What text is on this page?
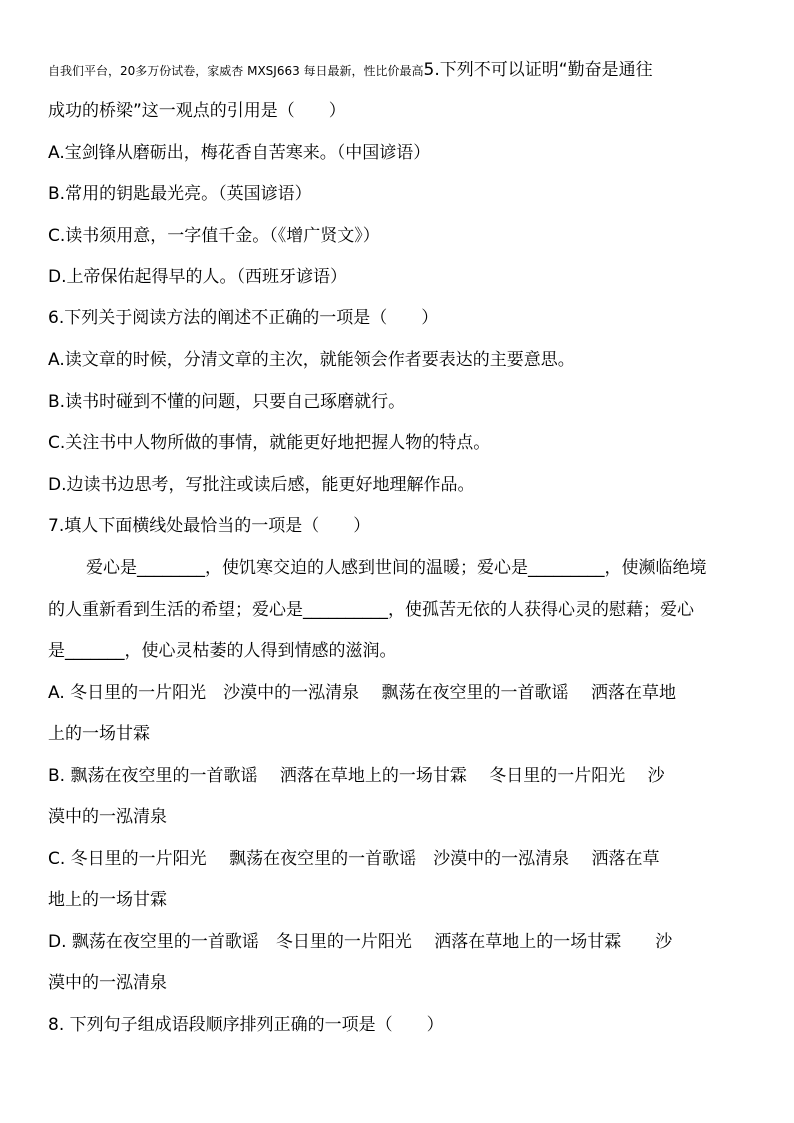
自我们平台，20多万份试卷，家威杏 MXSJ663 每日最新，性比价最高5.下列不可以证明“勤奋是通往
成功的桥梁”这一观点的引用是（　　）
A.宝剑锋从磨砺出，梅花香自苦寒来。（中国谚语）
B.常用的钥匙最光亮。（英国谚语）
C.读书须用意，一字值千金。（《增广贤文》）
D.上帝保佑起得早的人。（西班牙谚语）
6.下列关于阅读方法的阐述不正确的一项是（　　）
A.读文章的时候，分清文章的主次，就能领会作者要表达的主要意思。
B.读书时碰到不懂的问题，只要自己琢磨就行。
C.关注书中人物所做的事情，就能更好地把握人物的特点。
D.边读书边思考，写批注或读后感，能更好地理解作品。
7.填人下面横线处最恰当的一项是（　　）
爱心是________，使饥寒交迫的人感到世间的温暖；爱心是_________，使濒临绝境
的人重新看到生活的希望；爱心是__________，使孤苦无依的人获得心灵的慰藉；爱心
是_______，使心灵枯萎的人得到情感的滋润。
A. 冬日里的一片阳光　沙漠中的一泓清泉　 飘荡在夜空里的一首歌谣　 洒落在草地
上的一场甘霖
B. 飘荡在夜空里的一首歌谣　 洒落在草地上的一场甘霖　 冬日里的一片阳光　 沙
漠中的一泓清泉
C. 冬日里的一片阳光　 飘荡在夜空里的一首歌谣　沙漠中的一泓清泉　 洒落在草
地上的一场甘霖
D. 飘荡在夜空里的一首歌谣　冬日里的一片阳光　 洒落在草地上的一场甘霖　　沙
漠中的一泓清泉
8. 下列句子组成语段顺序排列正确的一项是（　　）
